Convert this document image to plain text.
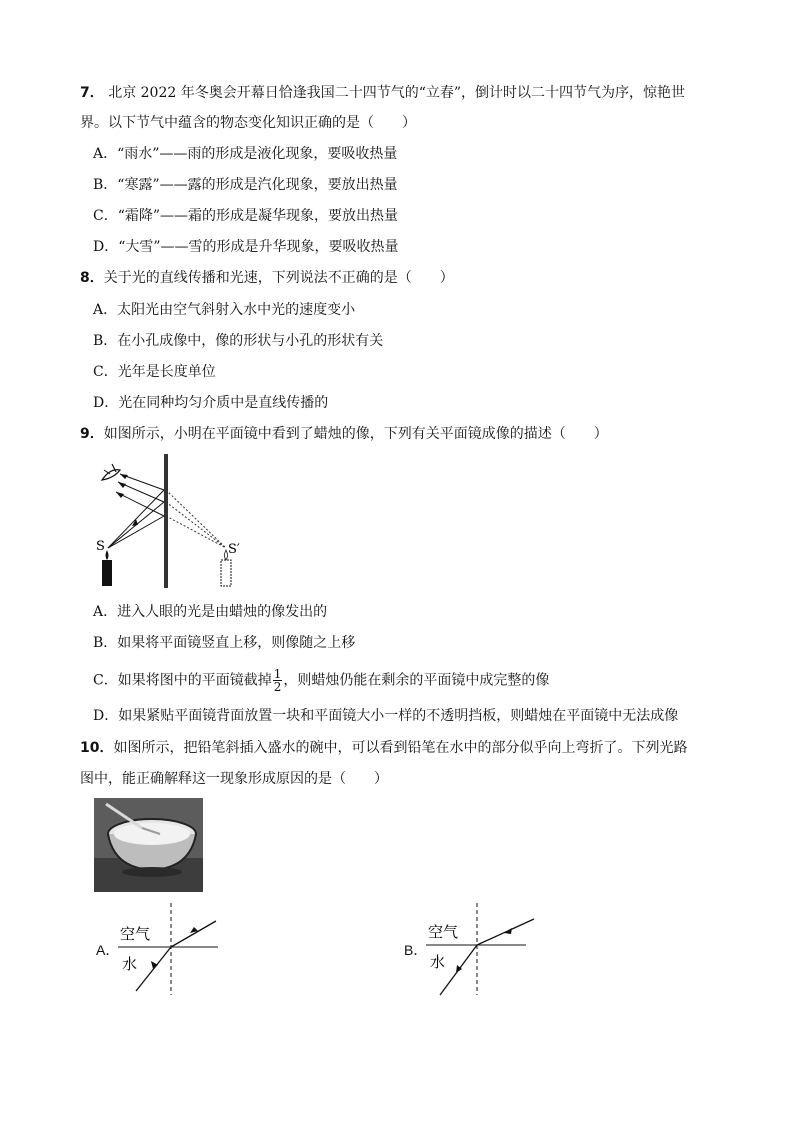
7． 北京 2022 年冬奥会开幕日恰逢我国二十四节气的“立春”，倒计时以二十四节气为序，惊艳世
界。以下节气中蕴含的物态变化知识正确的是（　　）
A．“雨水”——雨的形成是液化现象，要吸收热量
B．“寒露”——露的形成是汽化现象，要放出热量
C．“霜降”——霜的形成是凝华现象，要放出热量
D．“大雪”——雪的形成是升华现象，要吸收热量
8．关于光的直线传播和光速，下列说法不正确的是（　　）
A．太阳光由空气斜射入水中光的速度变小
B．在小孔成像中，像的形状与小孔的形状有关
C．光年是长度单位
D．光在同种均匀介质中是直线传播的
9．如图所示，小明在平面镜中看到了蜡烛的像，下列有关平面镜成像的描述（　　）
S	S′
A．进入人眼的光是由蜡烛的像发出的
B．如果将平面镜竖直上移，则像随之上移
C．如果将图中的平面镜截掉 $\frac{1}{2}$ ，则蜡烛仍能在剩余的平面镜中成完整的像
D．如果紧贴平面镜背面放置一块和平面镜大小一样的不透明挡板，则蜡烛在平面镜中无法成像
10．如图所示，把铅笔斜插入盛水的碗中，可以看到铅笔在水中的部分似乎向上弯折了。下列光路
图中，能正确解释这一现象形成原因的是（　　）
A．
空气
水
B．
空气
水
